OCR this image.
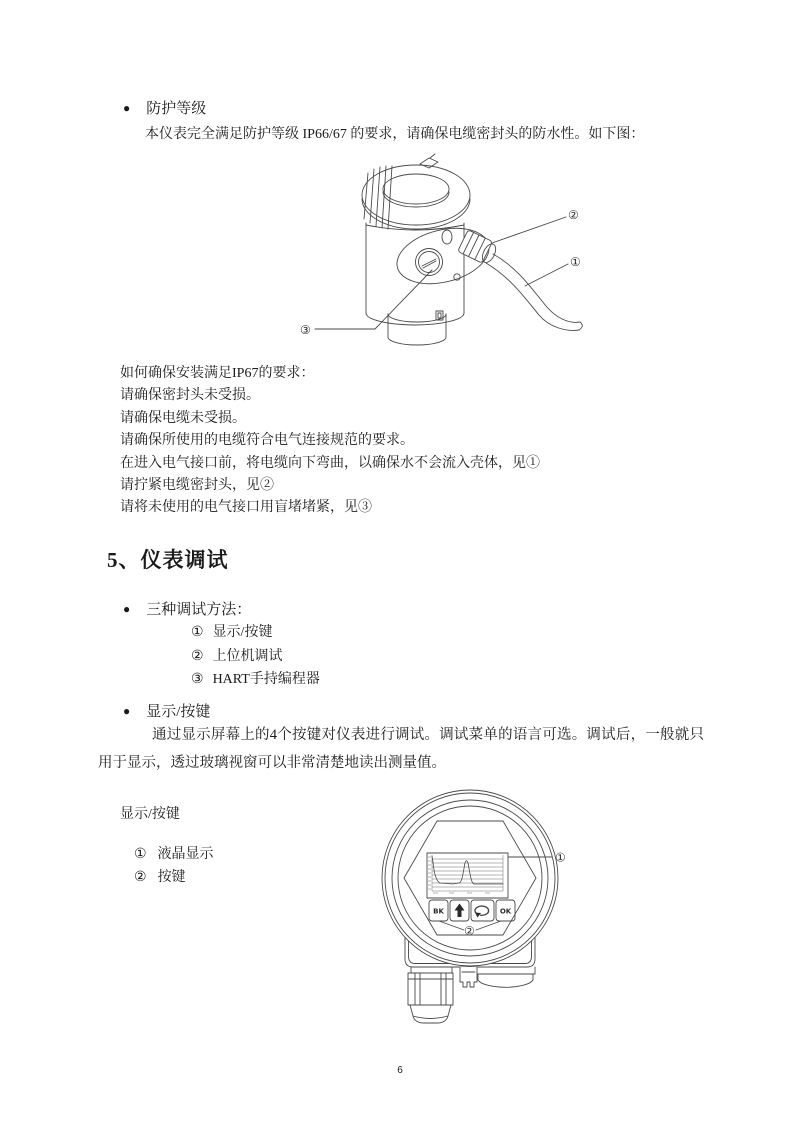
● 防护等级
本仪表完全满足防护等级 IP66/67 的要求，请确保电缆密封头的防水性。如下图：
②
①
③
如何确保安装满足IP67的要求：
请确保密封头未受损。
请确保电缆未受损。
请确保所使用的电缆符合电气连接规范的要求。
在进入电气接口前，将电缆向下弯曲，以确保水不会流入壳体，见①
请拧紧电缆密封头，见②
请将未使用的电气接口用盲堵堵紧，见③
5、仪表调试
● 三种调试方法：
① 显示/按键
② 上位机调试
③ HART手持编程器
● 显示/按键
通过显示屏幕上的4个按键对仪表进行调试。调试菜单的语言可选。调试后，一般就只用于显示，透过玻璃视窗可以非常清楚地读出测量值。
显示/按键
① 液晶显示
② 按键
BK	OK
①
②
6
